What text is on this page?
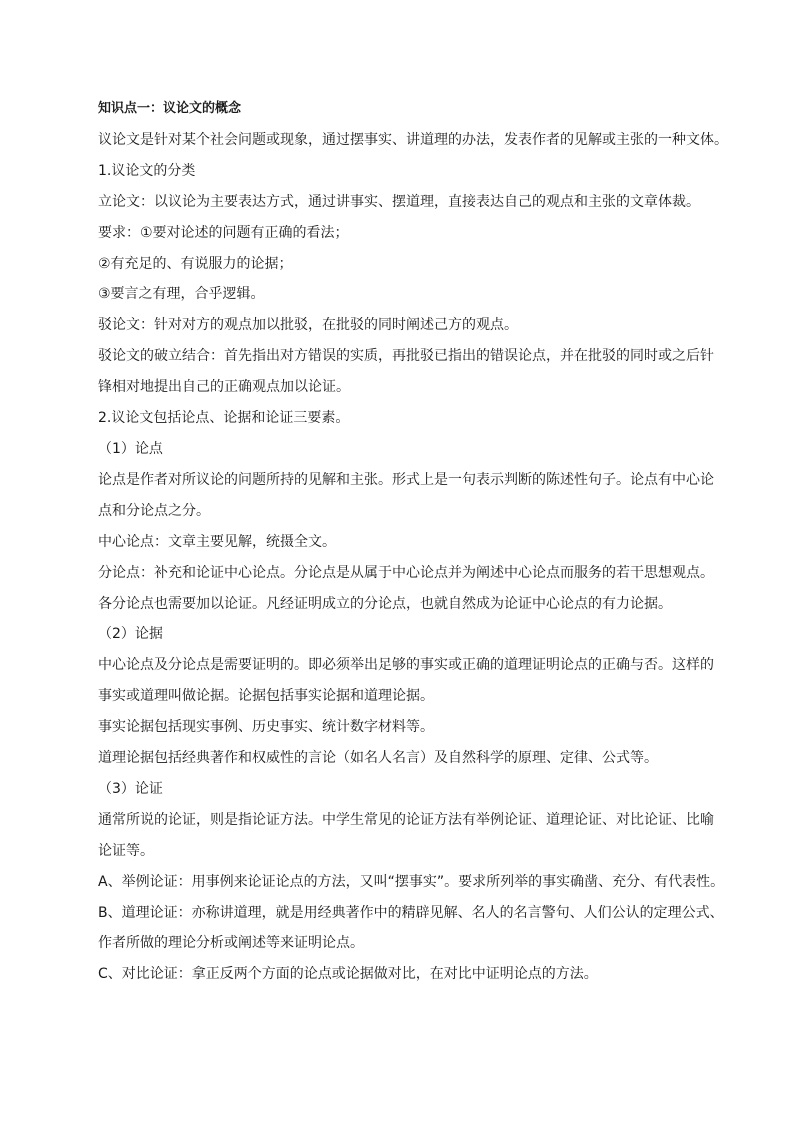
知识点一：议论文的概念

议论文是针对某个社会问题或现象，通过摆事实、讲道理的办法，发表作者的见解或主张的一种文体。

1.议论文的分类

立论文：以议论为主要表达方式，通过讲事实、摆道理，直接表达自己的观点和主张的文章体裁。

要求：①要对论述的问题有正确的看法；

②有充足的、有说服力的论据；

③要言之有理，合乎逻辑。

驳论文：针对对方的观点加以批驳，在批驳的同时阐述己方的观点。

驳论文的破立结合：首先指出对方错误的实质，再批驳已指出的错误论点，并在批驳的同时或之后针

锋相对地提出自己的正确观点加以论证。

2.议论文包括论点、论据和论证三要素。

（1）论点

论点是作者对所议论的问题所持的见解和主张。形式上是一句表示判断的陈述性句子。论点有中心论

点和分论点之分。

中心论点：文章主要见解，统摄全文。

分论点：补充和论证中心论点。分论点是从属于中心论点并为阐述中心论点而服务的若干思想观点。

各分论点也需要加以论证。凡经证明成立的分论点，也就自然成为论证中心论点的有力论据。

（2）论据

中心论点及分论点是需要证明的。即必须举出足够的事实或正确的道理证明论点的正确与否。这样的

事实或道理叫做论据。论据包括事实论据和道理论据。

事实论据包括现实事例、历史事实、统计数字材料等。

道理论据包括经典著作和权威性的言论（如名人名言）及自然科学的原理、定律、公式等。

（3）论证

通常所说的论证，则是指论证方法。中学生常见的论证方法有举例论证、道理论证、对比论证、比喻

论证等。

A、举例论证：用事例来论证论点的方法，又叫“摆事实”。要求所列举的事实确凿、充分、有代表性。

B、道理论证：亦称讲道理，就是用经典著作中的精辟见解、名人的名言警句、人们公认的定理公式、

作者所做的理论分析或阐述等来证明论点。

C、对比论证：拿正反两个方面的论点或论据做对比，在对比中证明论点的方法。
